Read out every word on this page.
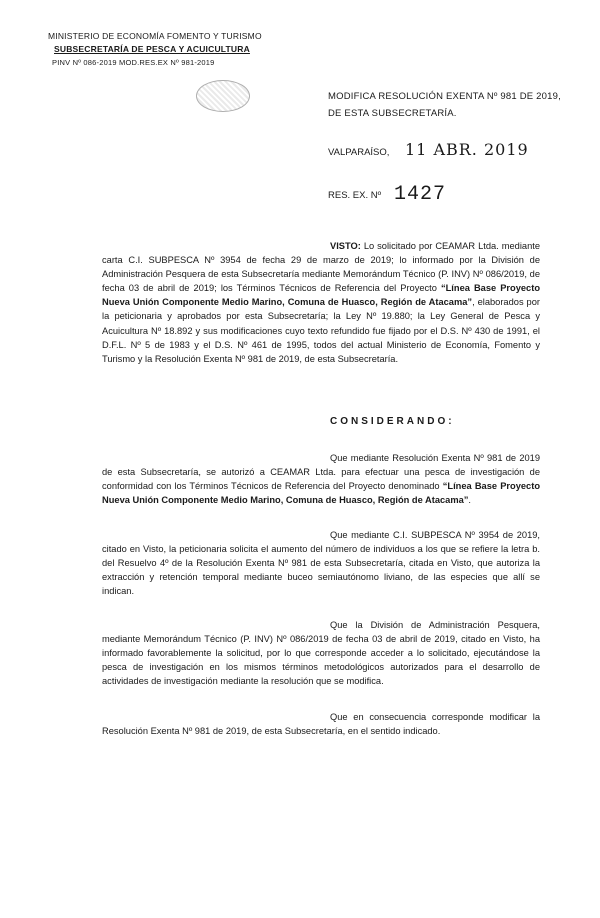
MINISTERIO DE ECONOMÍA FOMENTO Y TURISMO
SUBSECRETARÍA DE PESCA Y ACUICULTURA
PINV Nº 086-2019 MOD.RES.EX Nº 981-2019
MODIFICA RESOLUCIÓN EXENTA Nº 981 DE 2019,
DE ESTA SUBSECRETARÍA.
VALPARAÍSO, 11 ABR. 2019
RES. EX. Nº 1427

VISTO: Lo solicitado por CEAMAR Ltda. mediante carta C.I. SUBPESCA Nº 3954 de fecha 29 de marzo de 2019; lo informado por la División de Administración Pesquera de esta Subsecretaría mediante Memorándum Técnico (P. INV) Nº 086/2019, de fecha 03 de abril de 2019; los Términos Técnicos de Referencia del Proyecto “Línea Base Proyecto Nueva Unión Componente Medio Marino, Comuna de Huasco, Región de Atacama”, elaborados por la peticionaria y aprobados por esta Subsecretaría; la Ley Nº 19.880; la Ley General de Pesca y Acuicultura Nº 18.892 y sus modificaciones cuyo texto refundido fue fijado por el D.S. Nº 430 de 1991, el D.F.L. Nº 5 de 1983 y el D.S. Nº 461 de 1995, todos del actual Ministerio de Economía, Fomento y Turismo y la Resolución Exenta Nº 981 de 2019, de esta Subsecretaría.

CONSIDERANDO:

Que mediante Resolución Exenta Nº 981 de 2019 de esta Subsecretaría, se autorizó a CEAMAR Ltda. para efectuar una pesca de investigación de conformidad con los Términos Técnicos de Referencia del Proyecto denominado “Línea Base Proyecto Nueva Unión Componente Medio Marino, Comuna de Huasco, Región de Atacama”.

Que mediante C.I. SUBPESCA Nº 3954 de 2019, citado en Visto, la peticionaria solicita el aumento del número de individuos a los que se refiere la letra b. del Resuelvo 4º de la Resolución Exenta Nº 981 de esta Subsecretaría, citada en Visto, que autoriza la extracción y retención temporal mediante buceo semiautónomo liviano, de las especies que allí se indican.

Que la División de Administración Pesquera, mediante Memorándum Técnico (P. INV) Nº 086/2019 de fecha 03 de abril de 2019, citado en Visto, ha informado favorablemente la solicitud, por lo que corresponde acceder a lo solicitado, ejecutándose la pesca de investigación en los mismos términos metodológicos autorizados para el desarrollo de actividades de investigación mediante la resolución que se modifica.

Que en consecuencia corresponde modificar la Resolución Exenta Nº 981 de 2019, de esta Subsecretaría, en el sentido indicado.
